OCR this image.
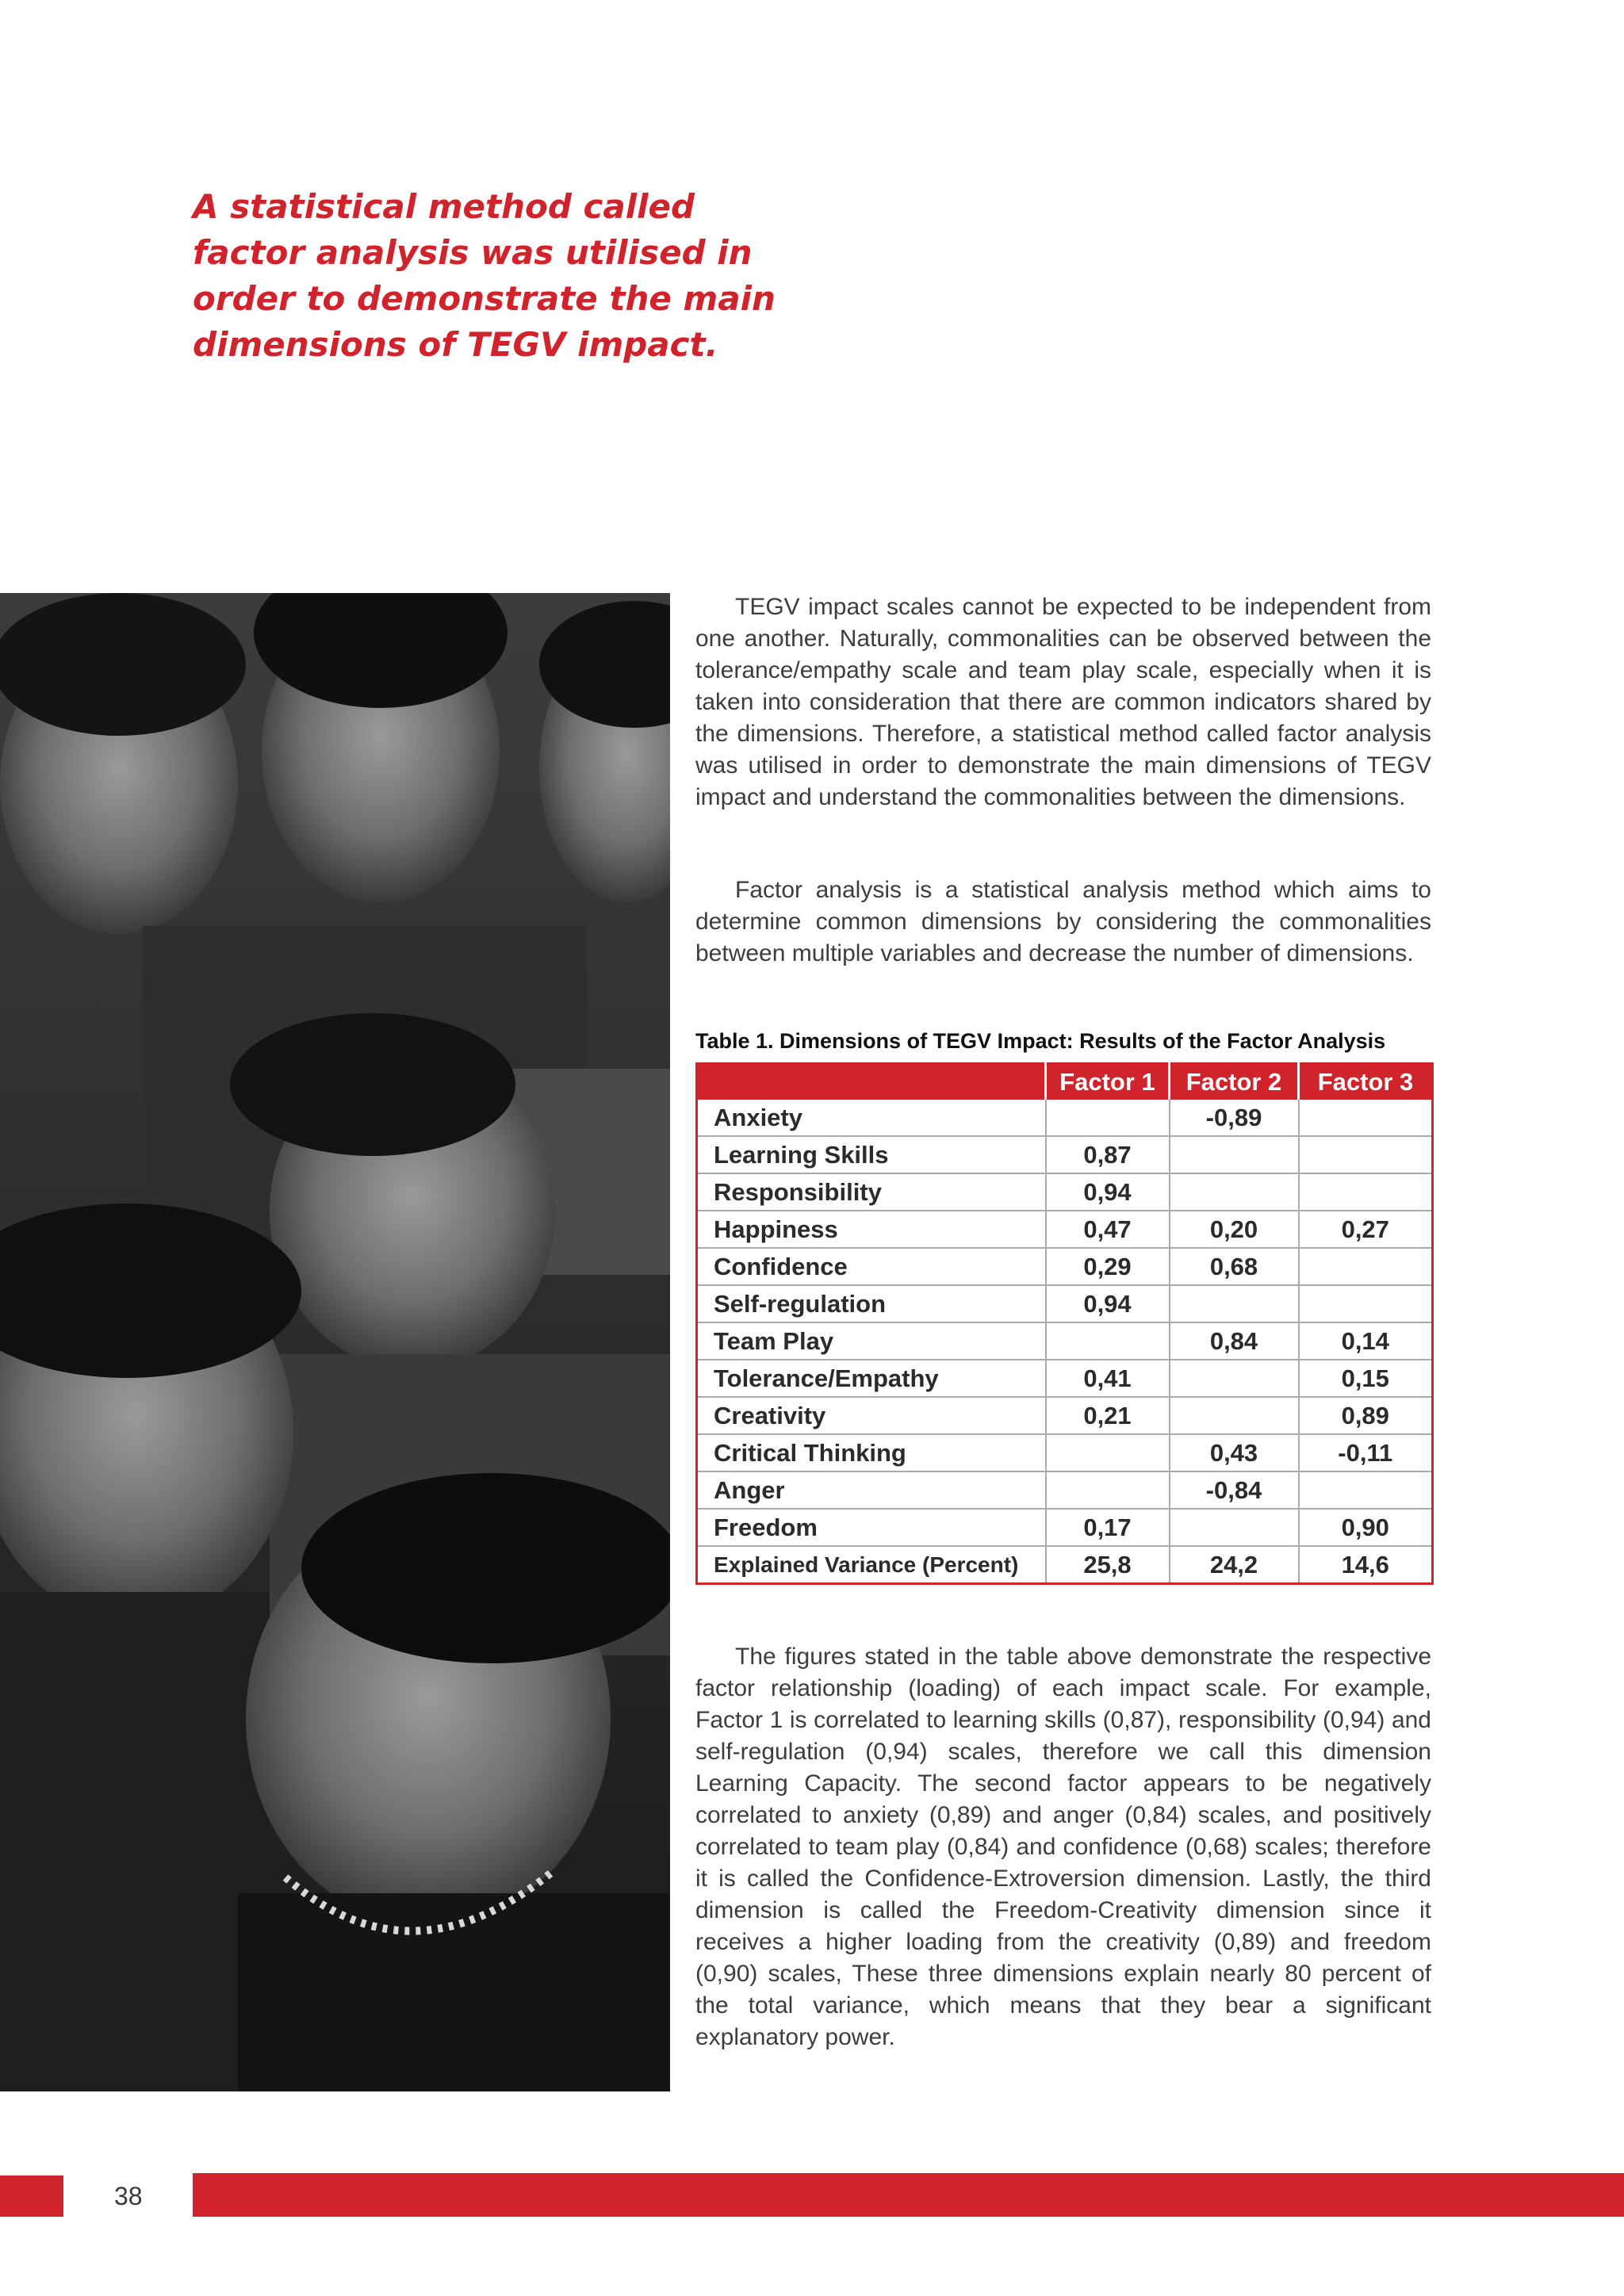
A statistical method called
factor analysis was utilised in
order to demonstrate the main
dimensions of TEGV impact.

TEGV impact scales cannot be expected to be independent from one another. Naturally, commonalities can be observed between the tolerance/empathy scale and team play scale, especially when it is taken into consideration that there are common indicators shared by the dimensions. Therefore, a statistical method called factor analysis was utilised in order to demonstrate the main dimensions of TEGV impact and understand the commonalities between the dimensions.

Factor analysis is a statistical analysis method which aims to determine common dimensions by considering the commonalities between multiple variables and decrease the number of dimensions.

Table 1. Dimensions of TEGV Impact: Results of the Factor Analysis
	Factor 1	Factor 2	Factor 3
Anxiety		-0,89	
Learning Skills	0,87		
Responsibility	0,94		
Happiness	0,47	0,20	0,27
Confidence	0,29	0,68	
Self-regulation	0,94		
Team Play		0,84	0,14
Tolerance/Empathy	0,41		0,15
Creativity	0,21		0,89
Critical Thinking		0,43	-0,11
Anger		-0,84	
Freedom	0,17		0,90
Explained Variance (Percent)	25,8	24,2	14,6

The figures stated in the table above demonstrate the respective factor relationship (loading) of each impact scale. For example, Factor 1 is correlated to learning skills (0,87), responsibility (0,94) and self-regulation (0,94) scales, therefore we call this dimension Learning Capacity. The second factor appears to be negatively correlated to anxiety (0,89) and anger (0,84) scales, and positively correlated to team play (0,84) and confidence (0,68) scales; therefore it is called the Confidence-Extroversion dimension. Lastly, the third dimension is called the Freedom-Creativity dimension since it receives a higher loading from the creativity (0,89) and freedom (0,90) scales, These three dimensions explain nearly 80 percent of the total variance, which means that they bear a significant explanatory power.

38
